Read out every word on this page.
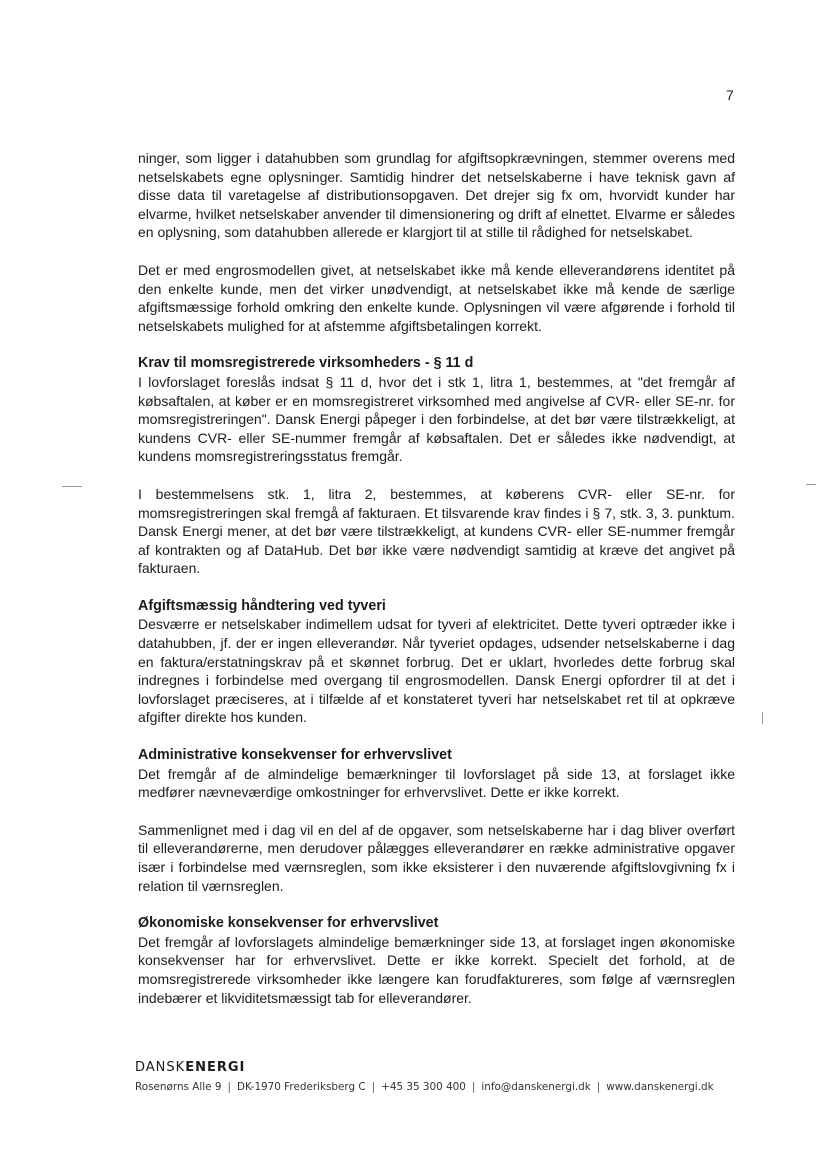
7

ninger, som ligger i datahubben som grundlag for afgiftsopkrævningen, stemmer overens med netselskabets egne oplysninger. Samtidig hindrer det netselskaberne i have teknisk gavn af disse data til varetagelse af distributionsopgaven. Det drejer sig fx om, hvorvidt kunder har elvarme, hvilket netselskaber anvender til dimensionering og drift af elnettet. Elvarme er således en oplysning, som datahubben allerede er klargjort til at stille til rådighed for netselskabet.

Det er med engrosmodellen givet, at netselskabet ikke må kende elleverandørens identitet på den enkelte kunde, men det virker unødvendigt, at netselskabet ikke må kende de særlige afgiftsmæssige forhold omkring den enkelte kunde. Oplysningen vil være afgørende i forhold til netselskabets mulighed for at afstemme afgiftsbetalingen korrekt.

Krav til momsregistrerede virksomheders - § 11 d

I lovforslaget foreslås indsat § 11 d, hvor det i stk 1, litra 1, bestemmes, at "det fremgår af købsaftalen, at køber er en momsregistreret virksomhed med angivelse af CVR- eller SE-nr. for momsregistreringen". Dansk Energi påpeger i den forbindelse, at det bør være tilstrækkeligt, at kundens CVR- eller SE-nummer fremgår af købsaftalen. Det er således ikke nødvendigt, at kundens momsregistreringsstatus fremgår.

I bestemmelsens stk. 1, litra 2, bestemmes, at køberens CVR- eller SE-nr. for momsregistreringen skal fremgå af fakturaen. Et tilsvarende krav findes i § 7, stk. 3, 3. punktum. Dansk Energi mener, at det bør være tilstrækkeligt, at kundens CVR- eller SE-nummer fremgår af kontrakten og af DataHub. Det bør ikke være nødvendigt samtidig at kræve det angivet på fakturaen.

Afgiftsmæssig håndtering ved tyveri

Desværre er netselskaber indimellem udsat for tyveri af elektricitet. Dette tyveri optræder ikke i datahubben, jf. der er ingen elleverandør. Når tyveriet opdages, udsender netselskaberne i dag en faktura/erstatningskrav på et skønnet forbrug. Det er uklart, hvorledes dette forbrug skal indregnes i forbindelse med overgang til engrosmodellen. Dansk Energi opfordrer til at det i lovforslaget præciseres, at i tilfælde af et konstateret tyveri har netselskabet ret til at opkræve afgifter direkte hos kunden.

Administrative konsekvenser for erhvervslivet

Det fremgår af de almindelige bemærkninger til lovforslaget på side 13, at forslaget ikke medfører nævneværdige omkostninger for erhvervslivet. Dette er ikke korrekt.

Sammenlignet med i dag vil en del af de opgaver, som netselskaberne har i dag bliver overført til elleverandørerne, men derudover pålægges elleverandører en række administrative opgaver især i forbindelse med værnsreglen, som ikke eksisterer i den nuværende afgiftslovgivning fx i relation til værnsreglen.

Økonomiske konsekvenser for erhvervslivet

Det fremgår af lovforslagets almindelige bemærkninger side 13, at forslaget ingen økonomiske konsekvenser har for erhvervslivet. Dette er ikke korrekt. Specielt det forhold, at de momsregistrerede virksomheder ikke længere kan forudfaktureres, som følge af værnsreglen indebærer et likviditetsmæssigt tab for elleverandører.

DANSKENERGI
Rosenørns Alle 9 | DK-1970 Frederiksberg C | +45 35 300 400 | info@danskenergi.dk | www.danskenergi.dk
